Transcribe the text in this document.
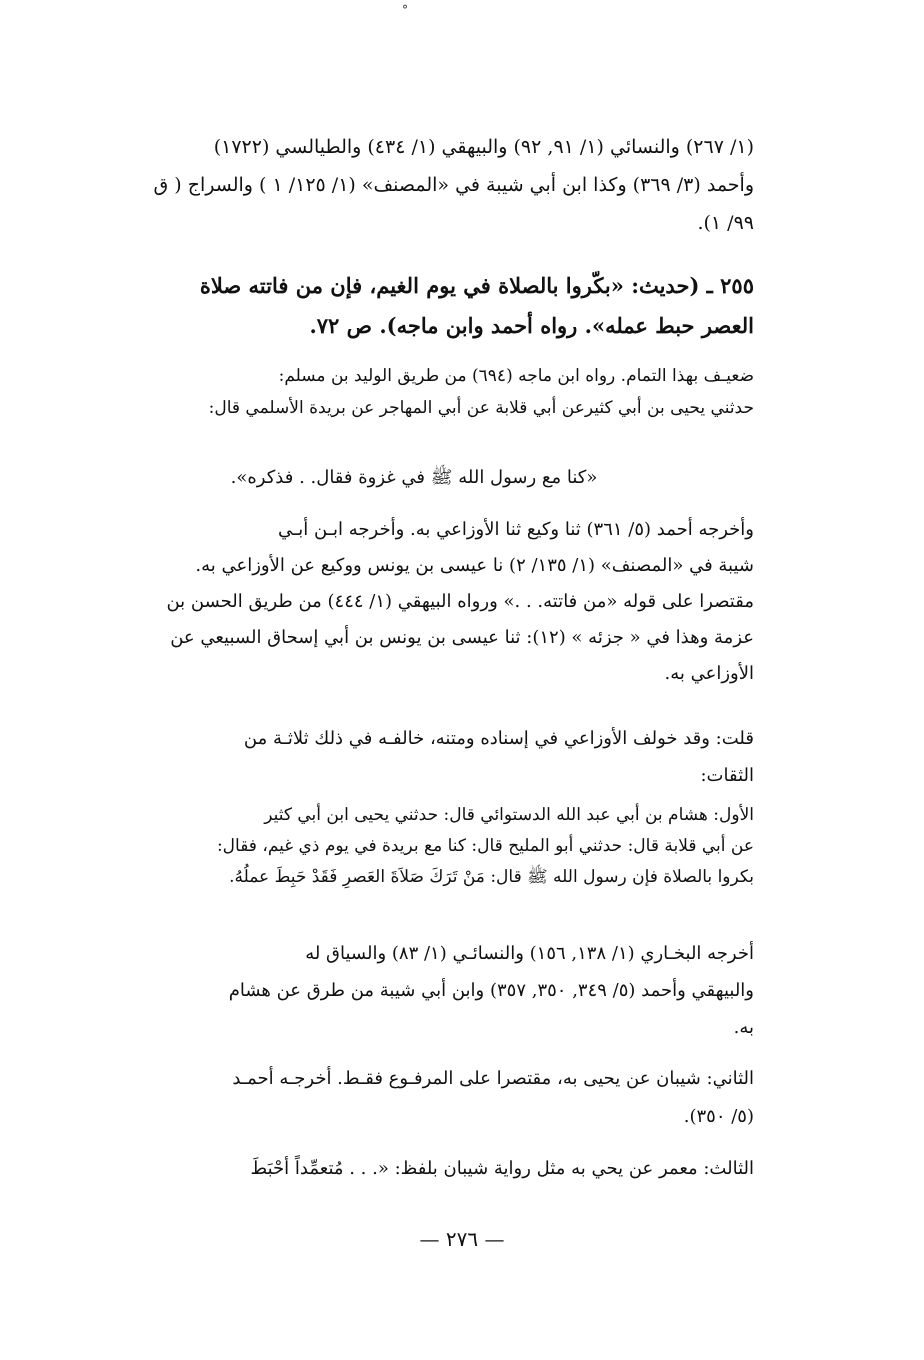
°
(١/ ٢٦٧) والنسائي (١/ ٩١, ٩٢) والبيهقي (١/ ٤٣٤) والطيالسي (١٧٢٢)
وأحمد (٣/ ٣٦٩) وكذا ابن أبي شيبة في «المصنف» (١/ ١٢٥/ ١ ) والسراج ( ق
٩٩/ ١).
٢٥٥ ـ (حديث: «بكّروا بالصلاة في يوم الغيم، فإن من فاتته صلاة
العصر حبط عمله». رواه أحمد وابن ماجه). ص ٧٢.
ضعيـف بهذا التمام. رواه ابن ماجه (٦٩٤) من طريق الوليد بن مسلم:
حدثني يحيى بن أبي كثيرعن أبي قلابة عن أبي المهاجر عن بريدة الأسلمي قال:
«كنا مع رسول الله ﷺ في غزوة فقال. . فذكره».
وأخرجه أحمد (٥/ ٣٦١) ثنا وكيع ثنا الأوزاعي به. وأخرجه ابـن أبـي
شيبة في «المصنف» (١/ ١٣٥/ ٢) نا عيسى بن يونس ووكيع عن الأوزاعي به.
مقتصرا على قوله «من فاتته. . .» ورواه البيهقي (١/ ٤٤٤) من طريق الحسن بن
عزمة وهذا في « جزئه » (١٢): ثنا عيسى بن يونس بن أبي إسحاق السبيعي عن
الأوزاعي به.
قلت: وقد خولف الأوزاعي في إسناده ومتنه، خالفـه في ذلك ثلاثـة من
الثقات:
الأول: هشام بن أبي عبد الله الدستوائي قال: حدثني يحيى ابن أبي كثير
عن أبي قلابة قال: حدثني أبو المليح قال: كنا مع بريدة في يوم ذي غيم، فقال:
بكروا بالصلاة فإن رسول الله ﷺ قال: مَنْ تَرَكَ صَلاَةَ العَصرِ فَقَدْ حَبِطَ عملُهُ.
أخرجه البخـاري (١/ ١٣٨, ١٥٦) والنسائـي (١/ ٨٣) والسياق له
والبيهقي وأحمد (٥/ ٣٤٩, ٣٥٠, ٣٥٧) وابن أبي شيبة من طرق عن هشام
به.
الثاني: شيبان عن يحيى به، مقتصرا على المرفـوع فقـط. أخرجـه أحمـد
(٥/ ٣٥٠).
الثالث: معمر عن يحي به مثل رواية شيبان بلفظ: «. . . مُتعمِّداً أحْبَطَ
— ٢٧٦ —
